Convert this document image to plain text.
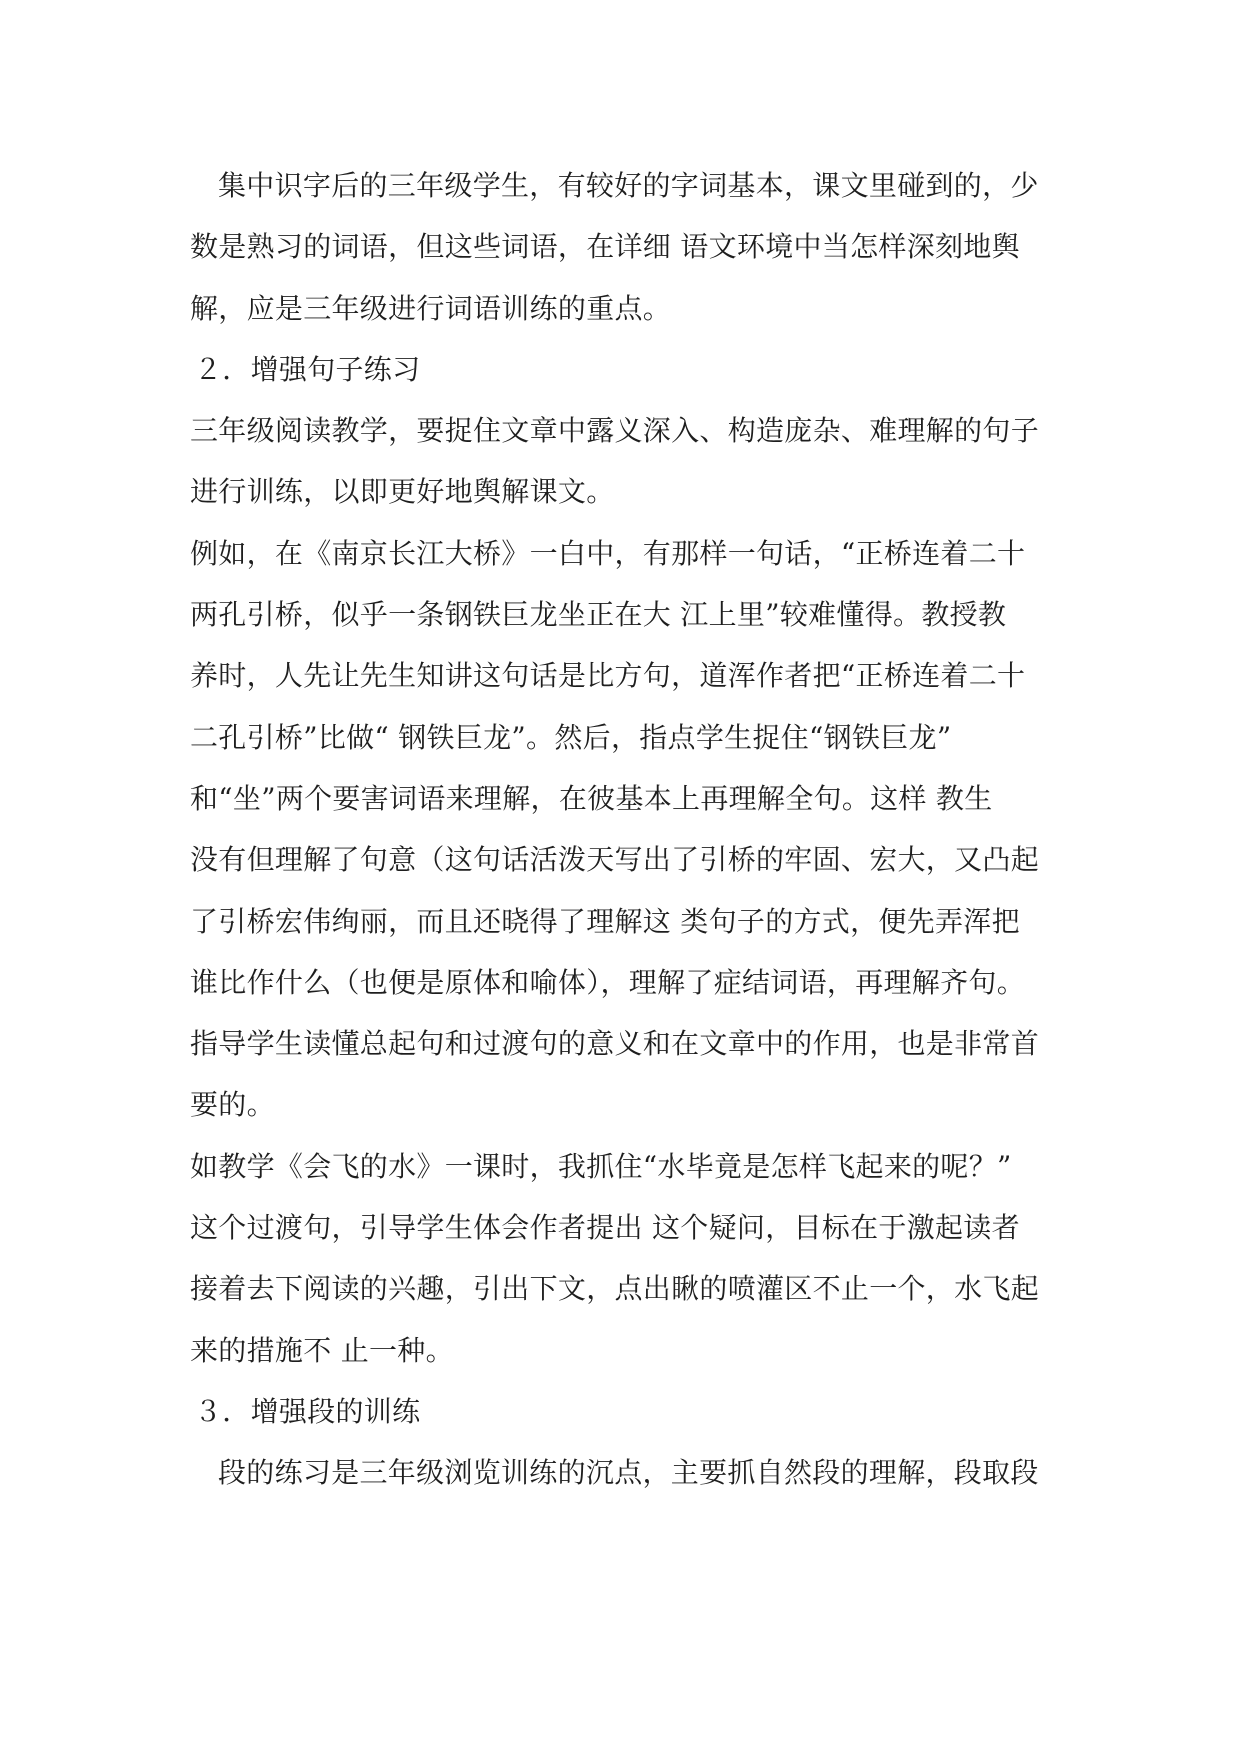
集中识字后的三年级学生，有较好的字词基本，课文里碰到的，少
数是熟习的词语，但这些词语，在详细 语文环境中当怎样深刻地舆
解，应是三年级进行词语训练的重点。
２．增强句子练习
三年级阅读教学，要捉住文章中露义深入、构造庞杂、难理解的句子
进行训练，以即更好地舆解课文。
例如，在《南京长江大桥》一白中，有那样一句话，“正桥连着二十
两孔引桥，似乎一条钢铁巨龙坐正在大 江上里”较难懂得。教授教
养时，人先让先生知讲这句话是比方句，道浑作者把“正桥连着二十
二孔引桥”比做“ 钢铁巨龙”。然后，指点学生捉住“钢铁巨龙”
和“坐”两个要害词语来理解，在彼基本上再理解全句。这样 教生
没有但理解了句意（这句话活泼天写出了引桥的牢固、宏大，又凸起
了引桥宏伟绚丽，而且还晓得了理解这 类句子的方式，便先弄浑把
谁比作什么（也便是原体和喻体），理解了症结词语，再理解齐句。
指导学生读懂总起句和过渡句的意义和在文章中的作用，也是非常首
要的。
如教学《会飞的水》一课时，我抓住“水毕竟是怎样飞起来的呢？”
这个过渡句，引导学生体会作者提出 这个疑问，目标在于激起读者
接着去下阅读的兴趣，引出下文，点出瞅的喷灌区不止一个，水飞起
来的措施不 止一种。
３．增强段的训练
段的练习是三年级浏览训练的沉点，主要抓自然段的理解，段取段
